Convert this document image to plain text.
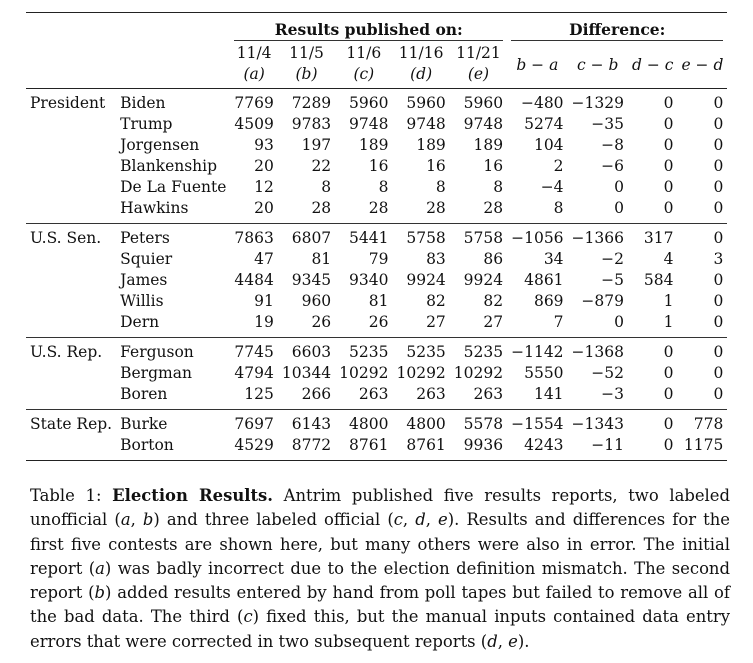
		Results published on:					Difference:			

		11/4	11/5	11/6	11/16	11/21	b − a	c − b	d − c	e − d
		(a)	(b)	(c)	(d)	(e)				
President	Biden	7769	7289	5960	5960	5960	−480	−1329	0	0
	Trump	4509	9783	9748	9748	9748	5274	−35	0	0
	Jorgensen	93	197	189	189	189	104	−8	0	0
	Blankenship	20	22	16	16	16	2	−6	0	0
	De La Fuente	12	8	8	8	8	−4	0	0	0
	Hawkins	20	28	28	28	28	8	0	0	0
U.S. Sen.	Peters	7863	6807	5441	5758	5758	−1056	−1366	317	0
	Squier	47	81	79	83	86	34	−2	4	3
	James	4484	9345	9340	9924	9924	4861	−5	584	0
	Willis	91	960	81	82	82	869	−879	1	0
	Dern	19	26	26	27	27	7	0	1	0
U.S. Rep.	Ferguson	7745	6603	5235	5235	5235	−1142	−1368	0	0
	Bergman	4794	10344	10292	10292	10292	5550	−52	0	0
	Boren	125	266	263	263	263	141	−3	0	0
State Rep.	Burke	7697	6143	4800	4800	5578	−1554	−1343	0	778
	Borton	4529	8772	8761	8761	9936	4243	−11	0	1175
Table 1: Election Results. Antrim published five results reports, two labeled unofficial (a, b) and three labeled official (c, d, e). Results and differences for the first five contests are shown here, but many others were also in error. The initial report (a) was badly incorrect due to the election definition mismatch. The second report (b) added results entered by hand from poll tapes but failed to remove all of the bad data. The third (c) fixed this, but the manual inputs contained data entry errors that were corrected in two subsequent reports (d, e).
